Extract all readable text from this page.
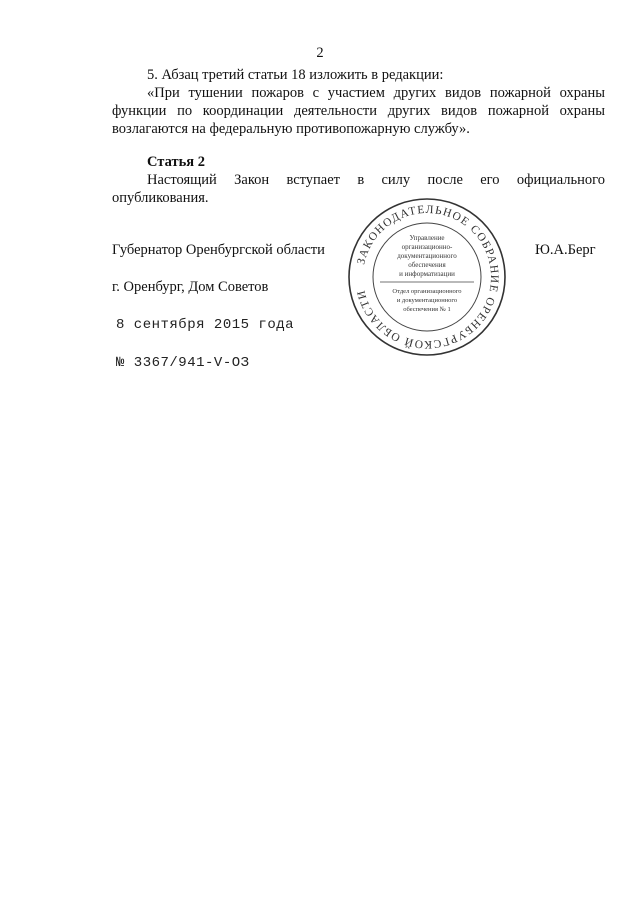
2
5. Абзац третий статьи 18 изложить в редакции:
«При тушении пожаров с участием других видов пожарной охраны функции по координации деятельности других видов пожарной охраны возлагаются на федеральную противопожарную службу».
Статья 2
Настоящий Закон вступает в силу после его официального опубликования.
Губернатор Оренбургской области	Ю.А.Берг
г. Оренбург, Дом Советов
8 сентября 2015 года
№ 3367/941-V-ОЗ
ЗАКОНОДАТЕЛЬНОЕ СОБРАНИЕ ОРЕНБУРГСКОЙ ОБЛАСТИ
Управление
организационно-
документационного
обеспечения
и информатизации
Отдел организационного
и документационного
обеспечения № 1
